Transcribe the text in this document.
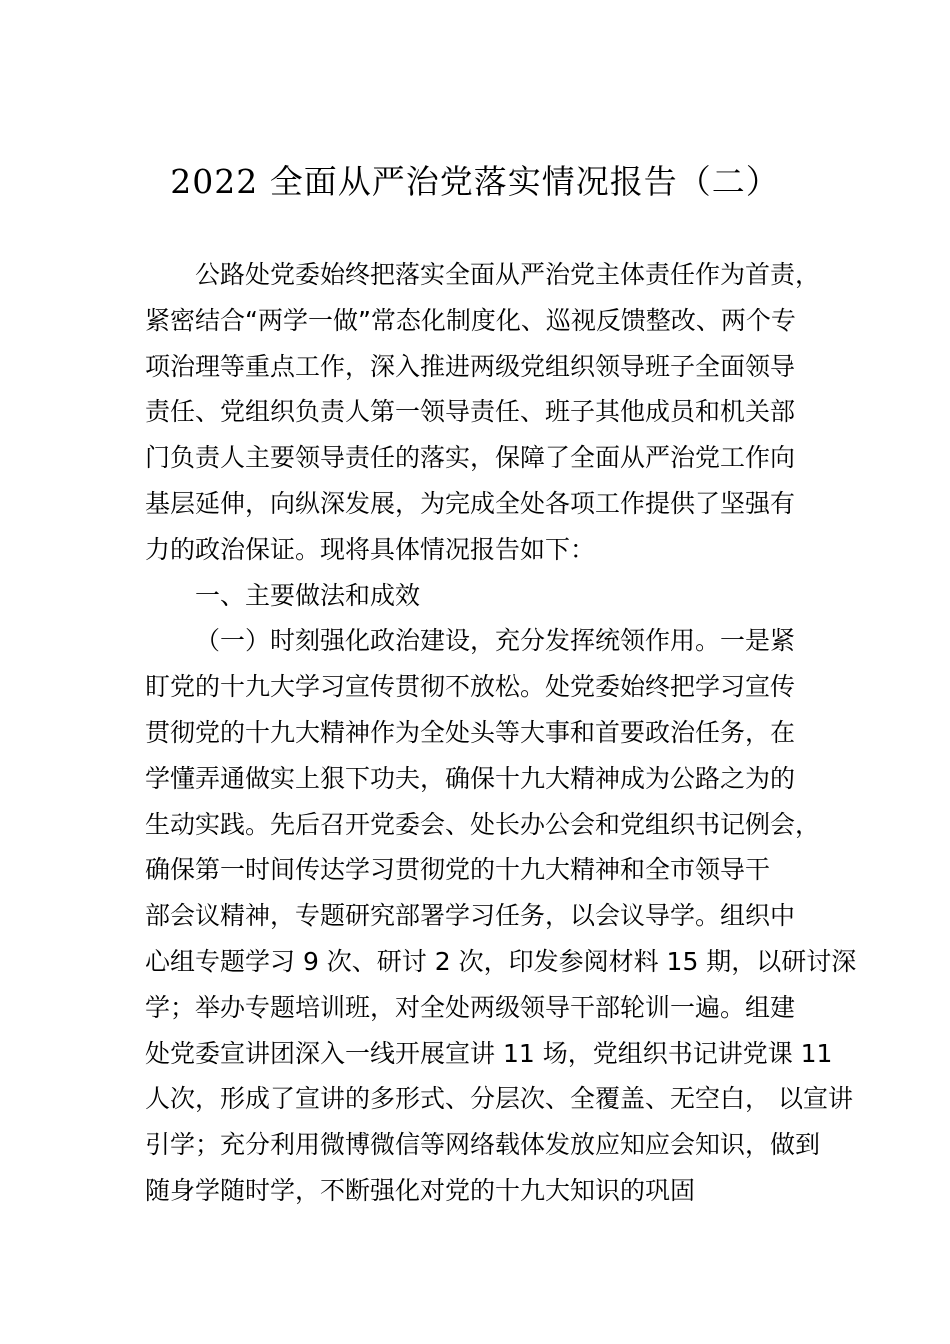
2022 全面从严治党落实情况报告（二）
公路处党委始终把落实全面从严治党主体责任作为首责，
紧密结合“两学一做”常态化制度化、巡视反馈整改、两个专
项治理等重点工作，深入推进两级党组织领导班子全面领导
责任、党组织负责人第一领导责任、班子其他成员和机关部
门负责人主要领导责任的落实，保障了全面从严治党工作向
基层延伸，向纵深发展，为完成全处各项工作提供了坚强有
力的政治保证。现将具体情况报告如下：
一、主要做法和成效
（一）时刻强化政治建设，充分发挥统领作用。一是紧
盯党的十九大学习宣传贯彻不放松。处党委始终把学习宣传
贯彻党的十九大精神作为全处头等大事和首要政治任务，在
学懂弄通做实上狠下功夫，确保十九大精神成为公路之为的
生动实践。先后召开党委会、处长办公会和党组织书记例会，
确保第一时间传达学习贯彻党的十九大精神和全市领导干
部会议精神，专题研究部署学习任务，以会议导学。组织中
心组专题学习 9 次、研讨 2 次，印发参阅材料 15 期，以研讨深
学；举办专题培训班，对全处两级领导干部轮训一遍。组建
处党委宣讲团深入一线开展宣讲 11 场，党组织书记讲党课 11
人次，形成了宣讲的多形式、分层次、全覆盖、无空白， 以宣讲
引学；充分利用微博微信等网络载体发放应知应会知识，做到
随身学随时学，不断强化对党的十九大知识的巩固
